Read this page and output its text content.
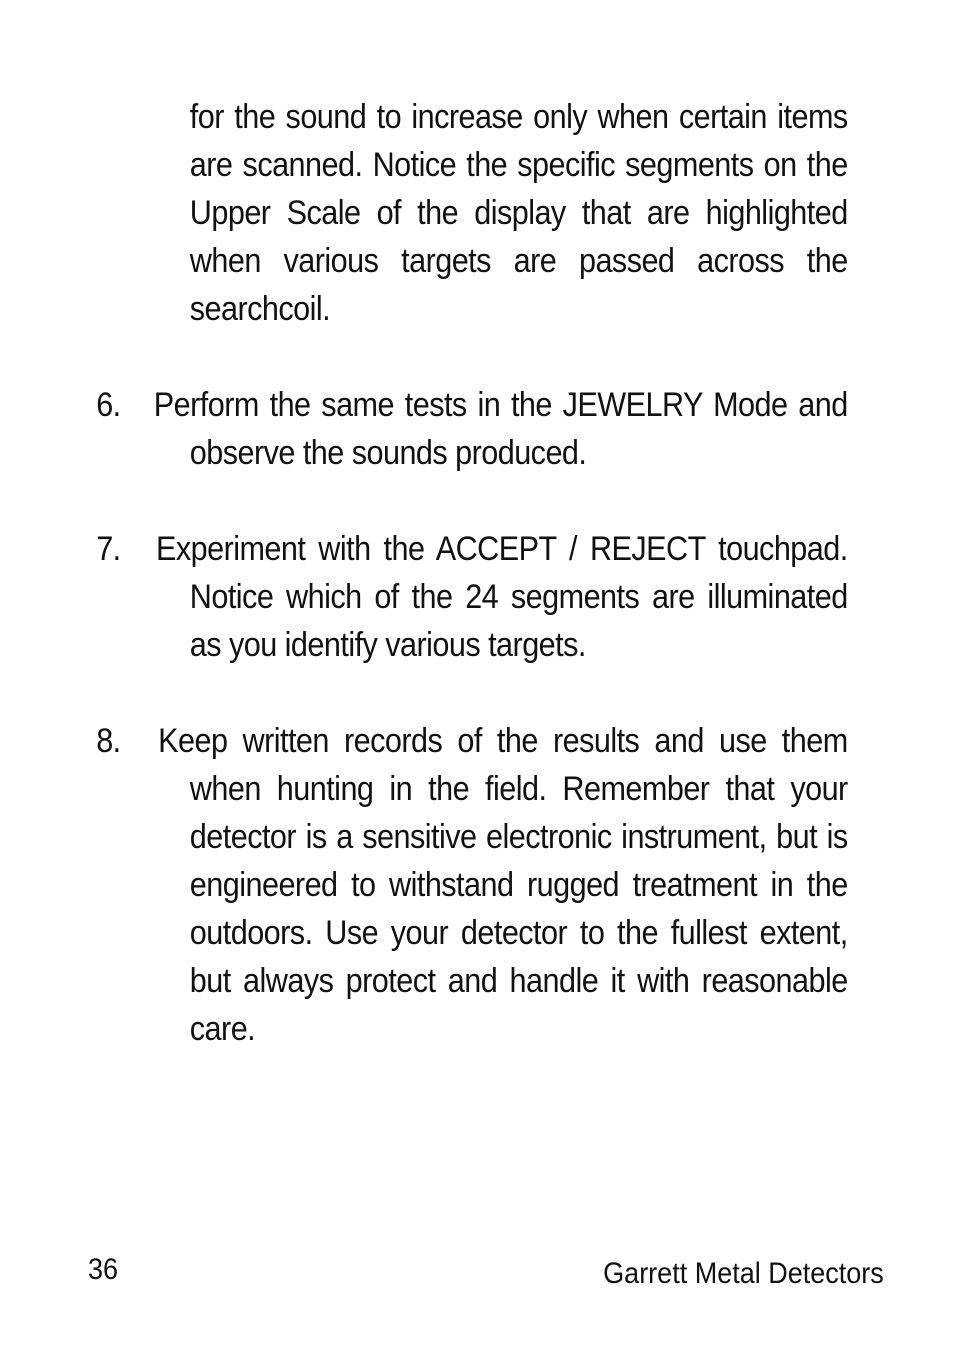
for the sound to increase only when certain items are scanned. Notice the specific segments on the Upper Scale of the display that are highlighted when various targets are passed across the searchcoil.

6. Perform the same tests in the JEWELRY Mode and observe the sounds produced.

7. Experiment with the ACCEPT / REJECT touchpad. Notice which of the 24 segments are illuminated as you identify various targets.

8. Keep written records of the results and use them when hunting in the field. Remember that your detector is a sensitive electronic instrument, but is engineered to withstand rugged treatment in the outdoors. Use your detector to the fullest extent, but always protect and handle it with reasonable care.

36	Garrett Metal Detectors
